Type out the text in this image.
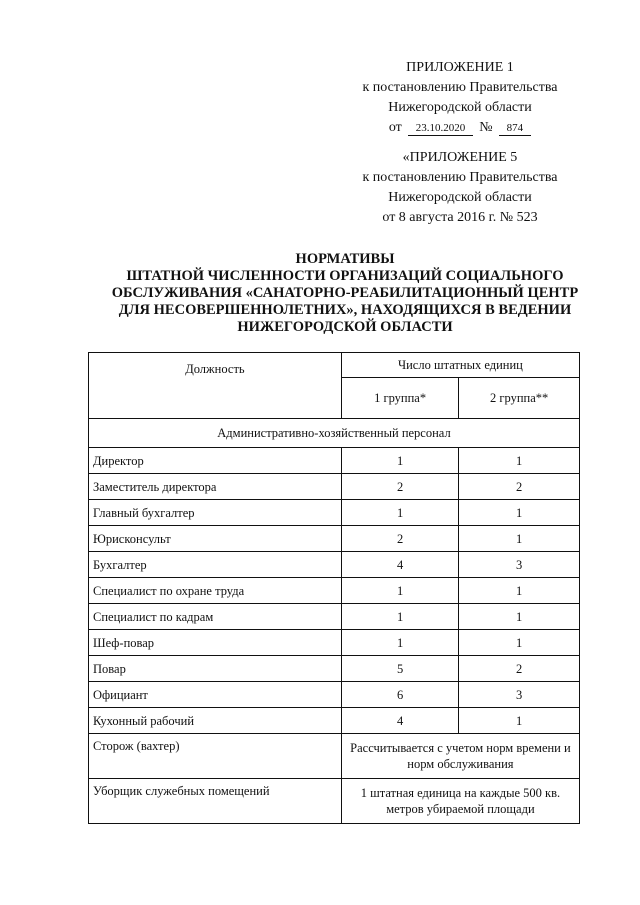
ПРИЛОЖЕНИЕ 1
к постановлению Правительства
Нижегородской области
от	23.10.2020	№	874
«ПРИЛОЖЕНИЕ 5
к постановлению Правительства
Нижегородской области
от 8 августа 2016 г. № 523
НОРМАТИВЫ
ШТАТНОЙ ЧИСЛЕННОСТИ ОРГАНИЗАЦИЙ СОЦИАЛЬНОГО
ОБСЛУЖИВАНИЯ «САНАТОРНО-РЕАБИЛИТАЦИОННЫЙ ЦЕНТР
ДЛЯ НЕСОВЕРШЕННОЛЕТНИХ», НАХОДЯЩИХСЯ В ВЕДЕНИИ
НИЖЕГОРОДСКОЙ ОБЛАСТИ
Должность	Число штатных единиц	
	1 группа*	2 группа**
Административно-хозяйственный персонал		
Директор	1	1
Заместитель директора	2	2
Главный бухгалтер	1	1
Юрисконсульт	2	1
Бухгалтер	4	3
Специалист по охране труда	1	1
Специалист по кадрам	1	1
Шеф-повар	1	1
Повар	5	2
Официант	6	3
Кухонный рабочий	4	1
Сторож (вахтер)	Рассчитывается с учетом норм времени и
норм обслуживания	

Уборщик служебных помещений	1 штатная единица на каждые 500 кв.
метров убираемой площади	
